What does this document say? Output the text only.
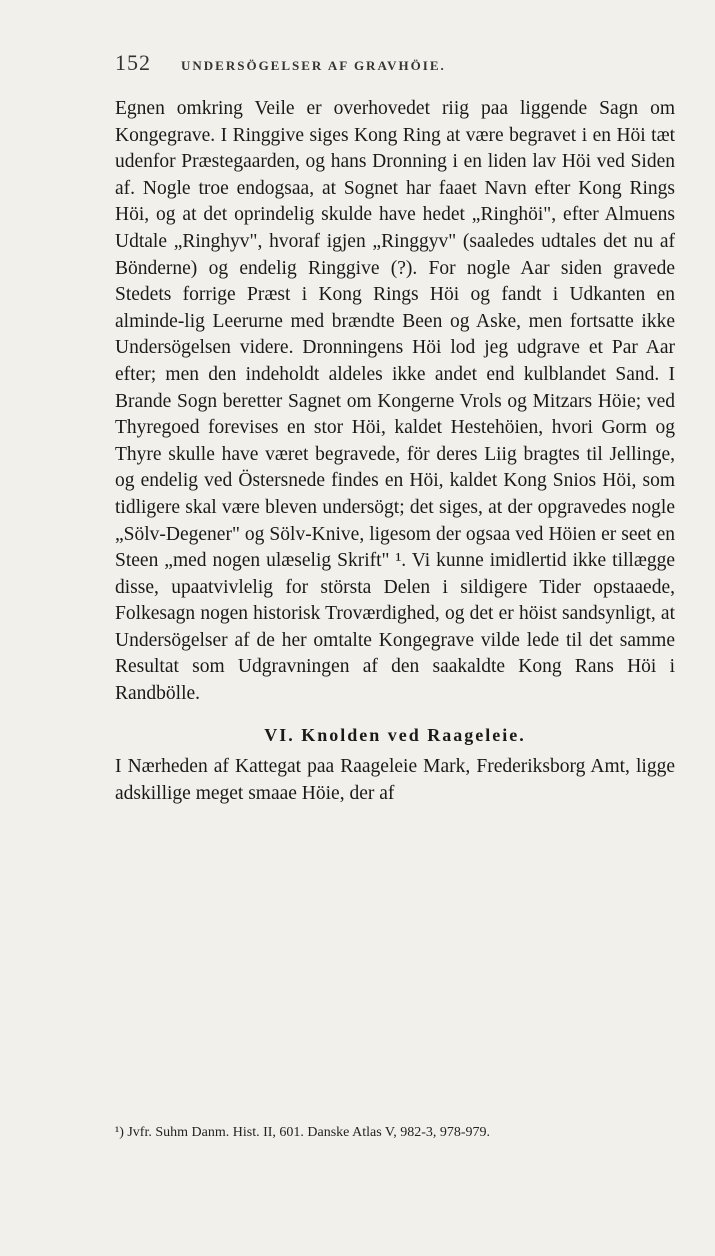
152 UNDERSÖGELSER AF GRAVHÖIE.

Egnen omkring Veile er overhovedet riig paa liggende Sagn om Kongegrave. I Ringgive siges Kong Ring at være begravet i en Höi tæt udenfor Præstegaarden, og hans Dronning i en liden lav Höi ved Siden af. Nogle troe endogsaa, at Sognet har faaet Navn efter Kong Rings Höi, og at det oprindelig skulde have hedet „Ringhöi", efter Almuens Udtale „Ringhyv", hvoraf igjen „Ringgyv" (saaledes udtales det nu af Bönderne) og endelig Ringgive (?). For nogle Aar siden gravede Stedets forrige Præst i Kong Rings Höi og fandt i Udkanten en alminde-lig Leerurne med brændte Been og Aske, men fortsatte ikke Undersögelsen videre. Dronningens Höi lod jeg udgrave et Par Aar efter; men den indeholdt aldeles ikke andet end kulblandet Sand. I Brande Sogn beretter Sagnet om Kongerne Vrols og Mitzars Höie; ved Thyregoed forevises en stor Höi, kaldet Hestehöien, hvori Gorm og Thyre skulle have været begravede, för deres Liig bragtes til Jellinge, og endelig ved Östersnede findes en Höi, kaldet Kong Snios Höi, som tidligere skal være bleven undersögt; det siges, at der opgravedes nogle „Sölv-Degener" og Sölv-Knive, ligesom der ogsaa ved Höien er seet en Steen „med nogen ulæselig Skrift" ¹. Vi kunne imidlertid ikke tillægge disse, upaatvivlelig for största Delen i sildigere Tider opstaaede, Folkesagn nogen historisk Troværdighed, og det er höist sandsynligt, at Undersögelser af de her omtalte Kongegrave vilde lede til det samme Resultat som Udgravningen af den saakaldte Kong Rans Höi i Randbölle.

VI. Knolden ved Raageleie.

I Nærheden af Kattegat paa Raageleie Mark, Frederiksborg Amt, ligge adskillige meget smaae Höie, der af

¹) Jvfr. Suhm Danm. Hist. II, 601. Danske Atlas V, 982-3, 978-979.
